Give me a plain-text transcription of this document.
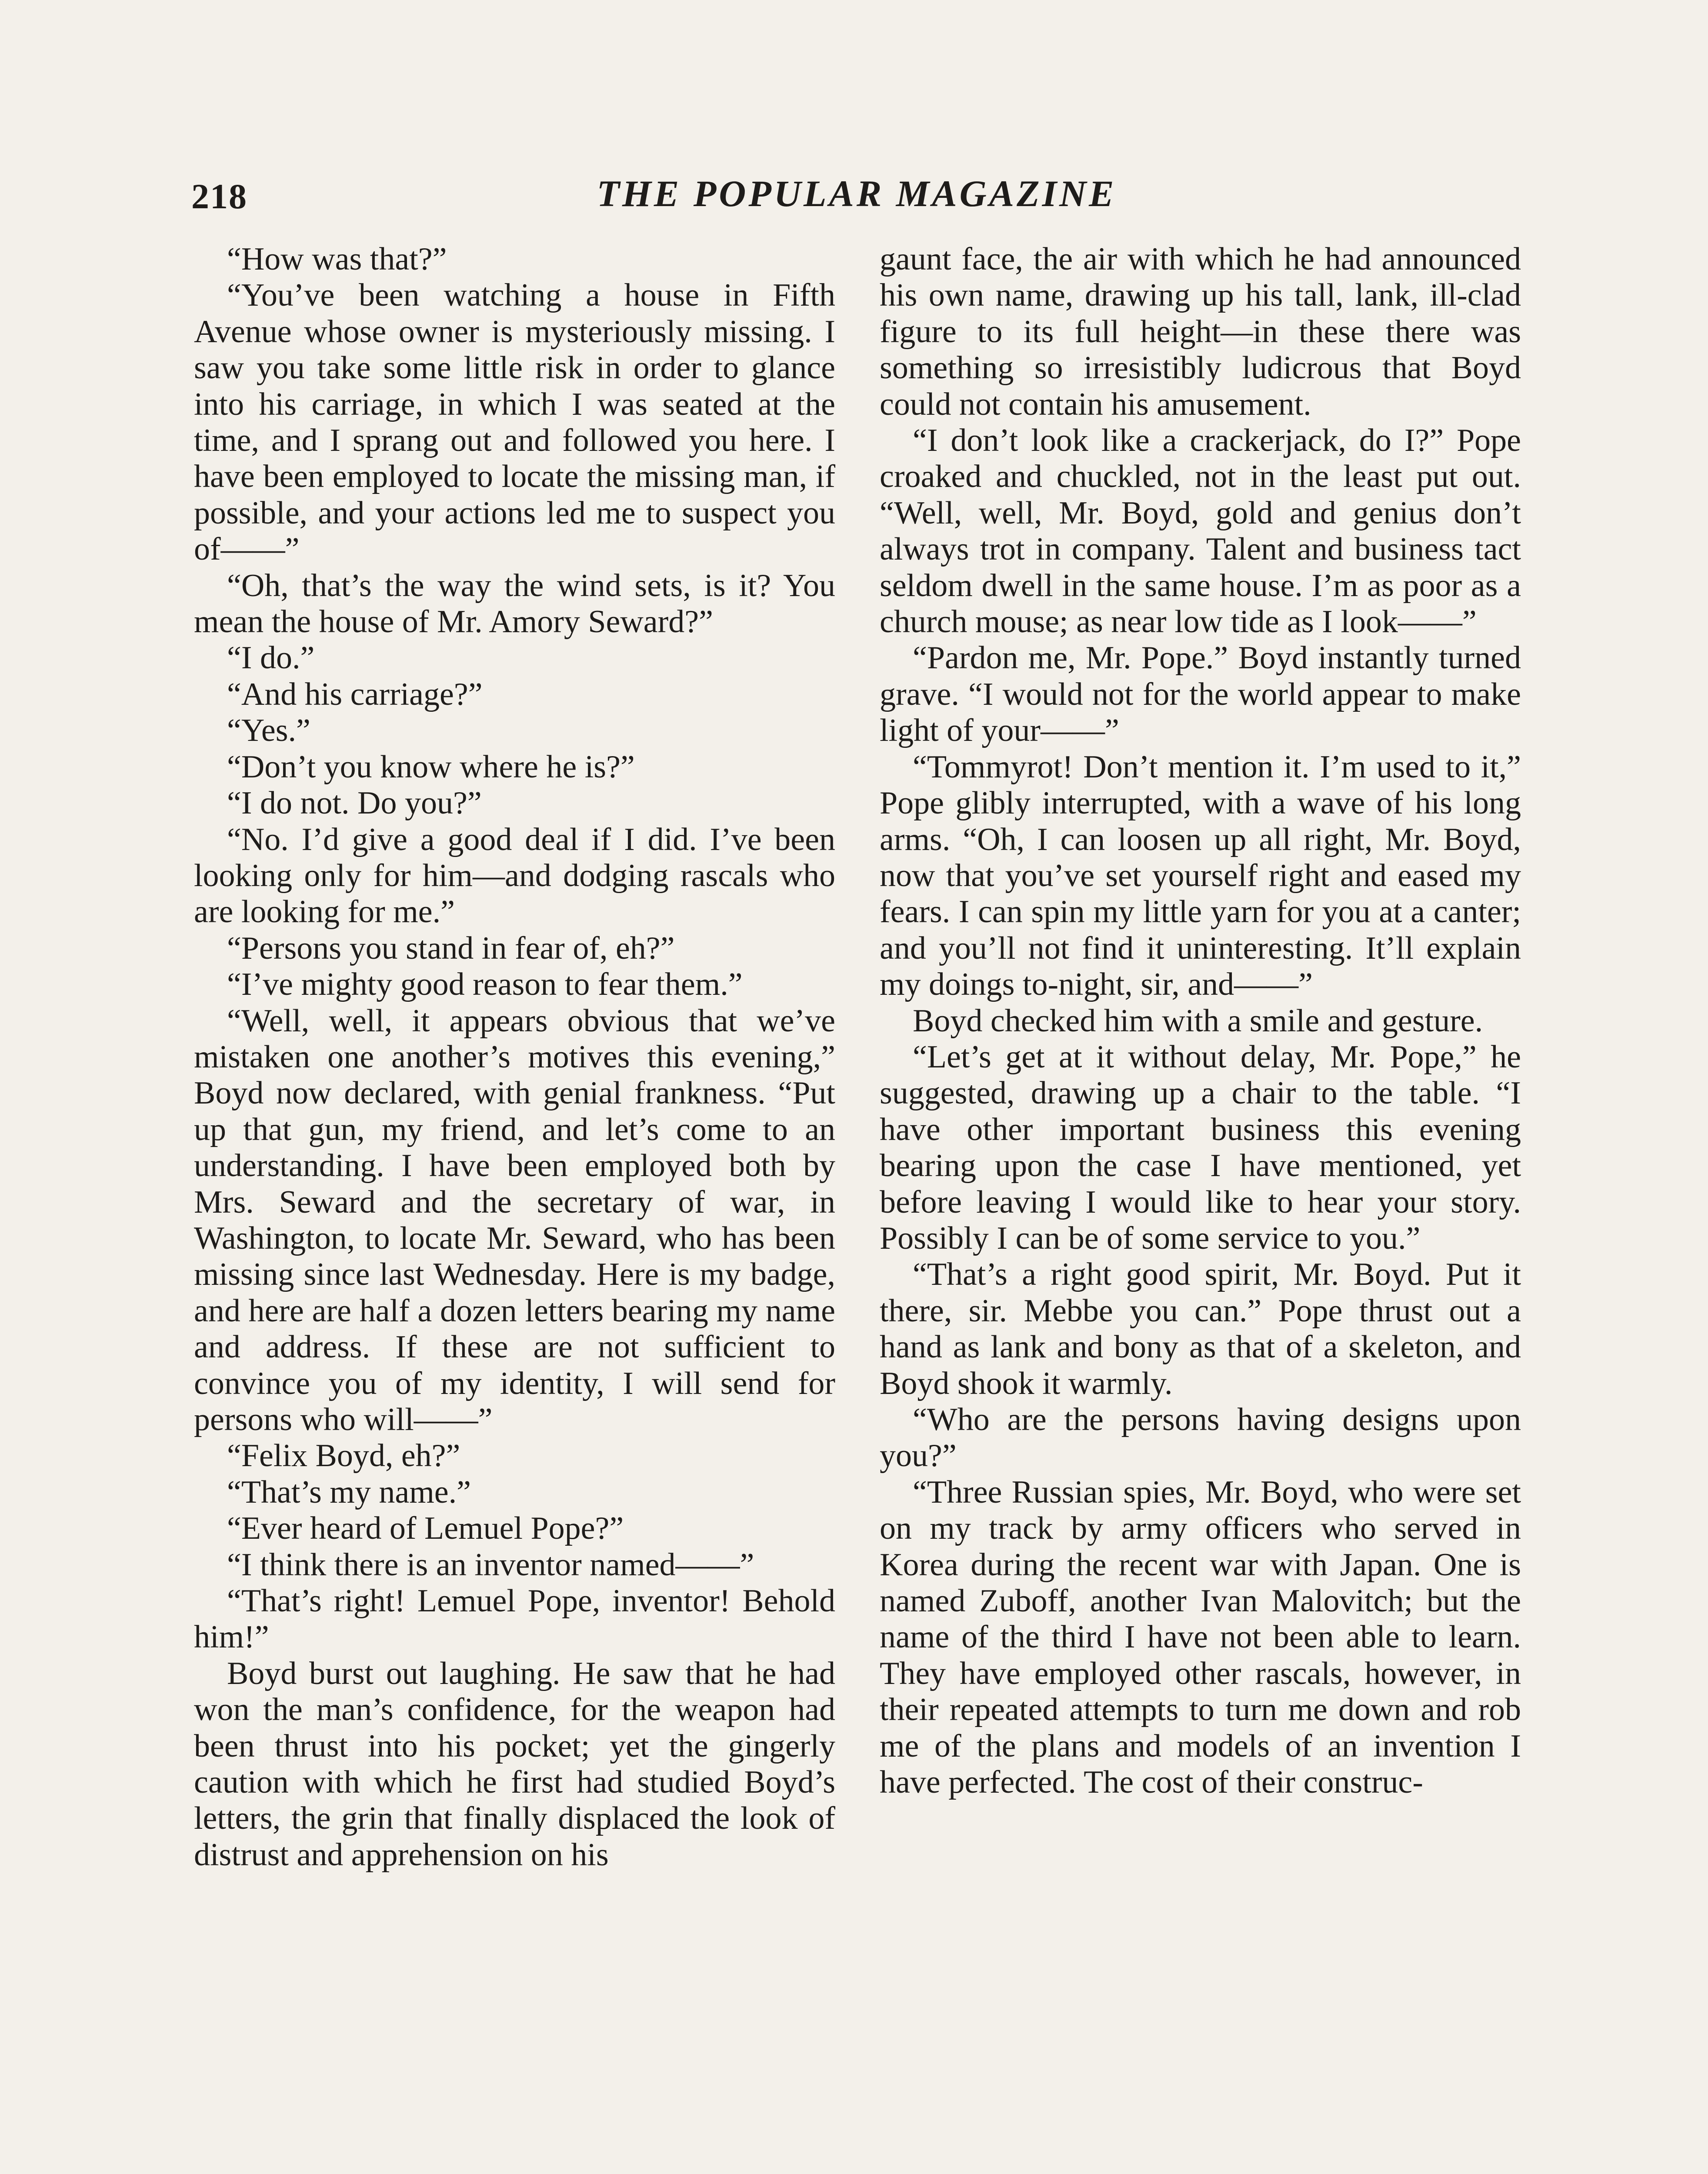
218	THE POPULAR MAGAZINE

“How was that?”

“You’ve been watching a house in Fifth Avenue whose owner is mysteriously missing. I saw you take some little risk in order to glance into his carriage, in which I was seated at the time, and I sprang out and followed you here. I have been employed to locate the missing man, if possible, and your actions led me to suspect you of——”

“Oh, that’s the way the wind sets, is it? You mean the house of Mr. Amory Seward?”

“I do.”

“And his carriage?”

“Yes.”

“Don’t you know where he is?”

“I do not. Do you?”

“No. I’d give a good deal if I did. I’ve been looking only for him—and dodging rascals who are looking for me.”

“Persons you stand in fear of, eh?”

“I’ve mighty good reason to fear them.”

“Well, well, it appears obvious that we’ve mistaken one another’s motives this evening,” Boyd now declared, with genial frankness. “Put up that gun, my friend, and let’s come to an understanding. I have been employed both by Mrs. Seward and the secretary of war, in Washington, to locate Mr. Seward, who has been missing since last Wednesday. Here is my badge, and here are half a dozen letters bearing my name and address. If these are not sufficient to convince you of my identity, I will send for persons who will——”

“Felix Boyd, eh?”

“That’s my name.”

“Ever heard of Lemuel Pope?”

“I think there is an inventor named——”

“That’s right! Lemuel Pope, inventor! Behold him!”

Boyd burst out laughing. He saw that he had won the man’s confidence, for the weapon had been thrust into his pocket; yet the gingerly caution with which he first had studied Boyd’s letters, the grin that finally displaced the look of distrust and apprehension on his

gaunt face, the air with which he had announced his own name, drawing up his tall, lank, ill-clad figure to its full height—in these there was something so irresistibly ludicrous that Boyd could not contain his amusement.

“I don’t look like a crackerjack, do I?” Pope croaked and chuckled, not in the least put out. “Well, well, Mr. Boyd, gold and genius don’t always trot in company. Talent and business tact seldom dwell in the same house. I’m as poor as a church mouse; as near low tide as I look——”

“Pardon me, Mr. Pope.” Boyd instantly turned grave. “I would not for the world appear to make light of your——”

“Tommyrot! Don’t mention it. I’m used to it,” Pope glibly interrupted, with a wave of his long arms. “Oh, I can loosen up all right, Mr. Boyd, now that you’ve set yourself right and eased my fears. I can spin my little yarn for you at a canter; and you’ll not find it uninteresting. It’ll explain my doings to-night, sir, and——”

Boyd checked him with a smile and gesture.

“Let’s get at it without delay, Mr. Pope,” he suggested, drawing up a chair to the table. “I have other important business this evening bearing upon the case I have mentioned, yet before leaving I would like to hear your story. Possibly I can be of some service to you.”

“That’s a right good spirit, Mr. Boyd. Put it there, sir. Mebbe you can.” Pope thrust out a hand as lank and bony as that of a skeleton, and Boyd shook it warmly.

“Who are the persons having designs upon you?”

“Three Russian spies, Mr. Boyd, who were set on my track by army officers who served in Korea during the recent war with Japan. One is named Zuboff, another Ivan Malovitch; but the name of the third I have not been able to learn. They have employed other rascals, however, in their repeated attempts to turn me down and rob me of the plans and models of an invention I have perfected. The cost of their construc-
